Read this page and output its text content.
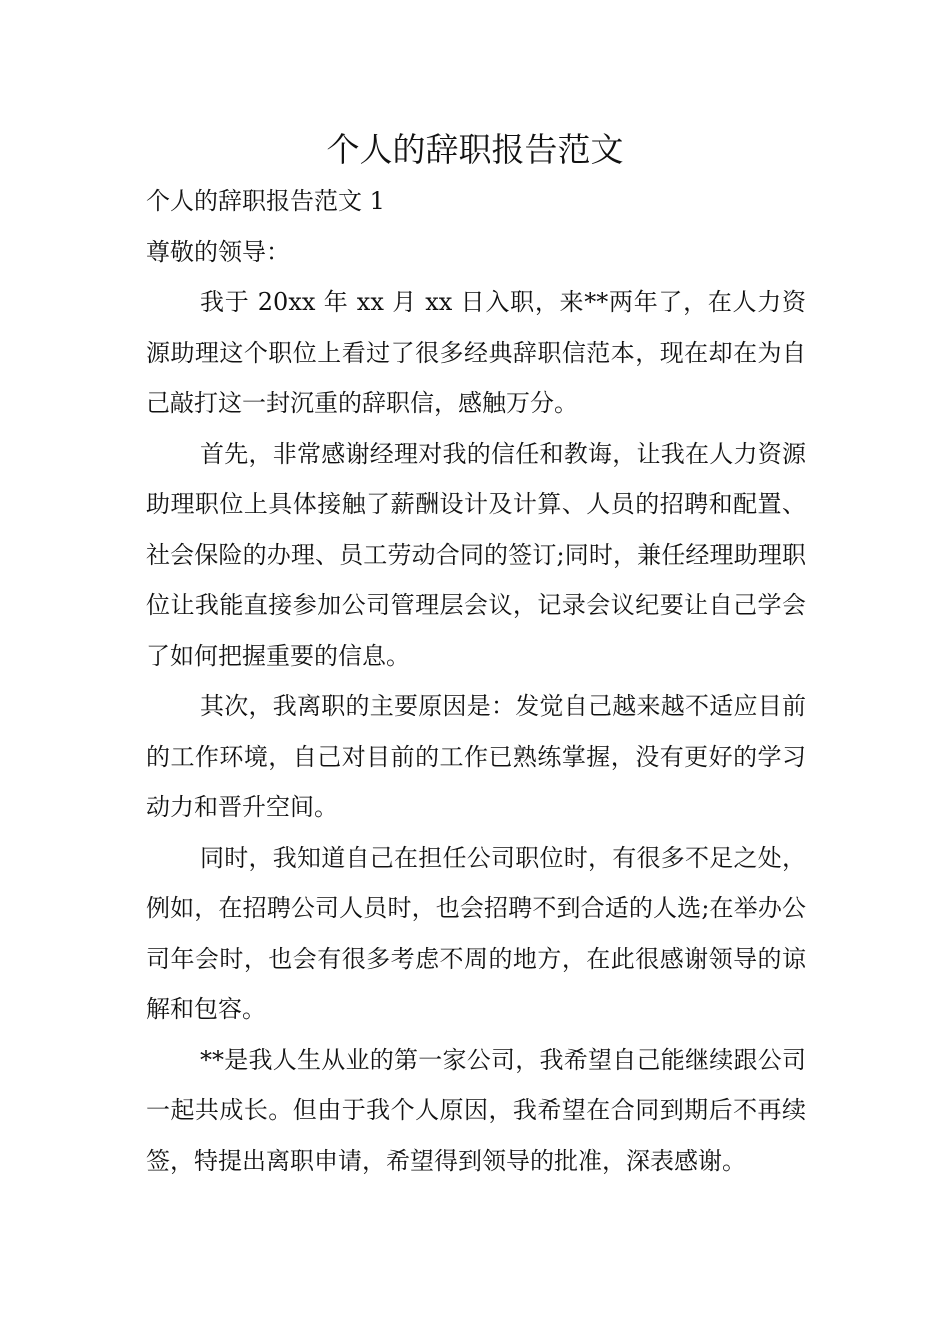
个人的辞职报告范文

个人的辞职报告范文 1

尊敬的领导：

我于 20xx 年 xx 月 xx 日入职，来**两年了，在人力资源助理这个职位上看过了很多经典辞职信范本，现在却在为自己敲打这一封沉重的辞职信，感触万分。

首先，非常感谢经理对我的信任和教诲，让我在人力资源助理职位上具体接触了薪酬设计及计算、人员的招聘和配置、社会保险的办理、员工劳动合同的签订;同时，兼任经理助理职位让我能直接参加公司管理层会议，记录会议纪要让自己学会了如何把握重要的信息。

其次，我离职的主要原因是：发觉自己越来越不适应目前的工作环境，自己对目前的工作已熟练掌握，没有更好的学习动力和晋升空间。

同时，我知道自己在担任公司职位时，有很多不足之处，例如，在招聘公司人员时，也会招聘不到合适的人选;在举办公司年会时，也会有很多考虑不周的地方，在此很感谢领导的谅解和包容。

**是我人生从业的第一家公司，我希望自己能继续跟公司一起共成长。但由于我个人原因，我希望在合同到期后不再续签，特提出离职申请，希望得到领导的批准，深表感谢。
